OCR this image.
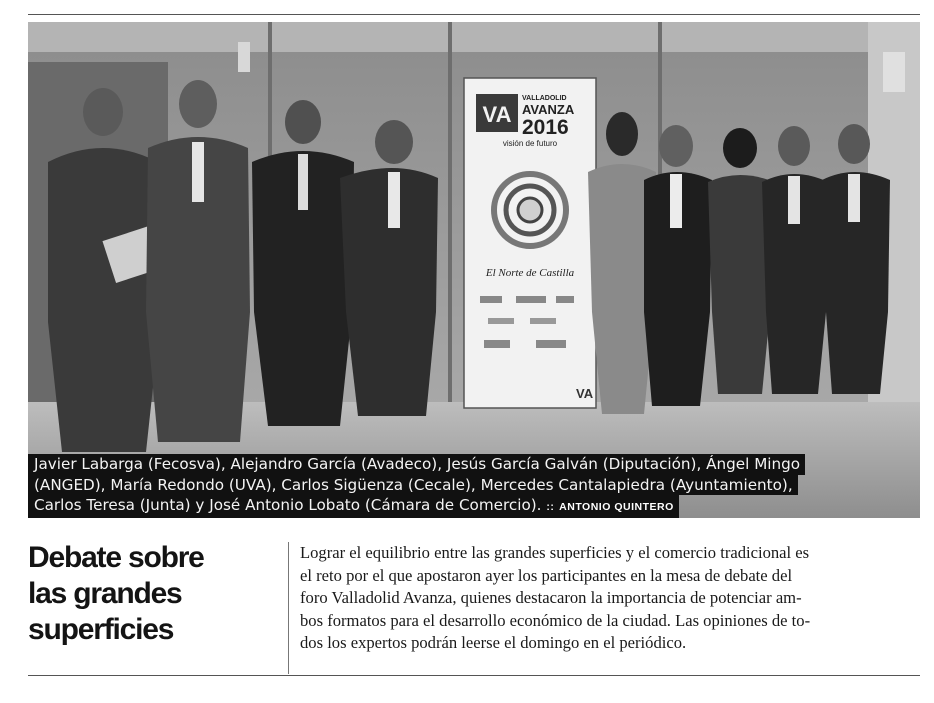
VA
VALLADOLID
AVANZA
2016
visión de futuro
El Norte de Castilla
VA
Javier Labarga (Fecosva), Alejandro García (Avadeco), Jesús García Galván (Diputación), Ángel Mingo
(ANGED), María Redondo (UVA), Carlos Sigüenza (Cecale), Mercedes Cantalapiedra (Ayuntamiento),
Carlos Teresa (Junta) y José Antonio Lobato (Cámara de Comercio). :: ANTONIO QUINTERO
Debate sobre
las grandes
superficies
Lograr el equilibrio entre las grandes superficies y el comercio tradicional es
el reto por el que apostaron ayer los participantes en la mesa de debate del
foro Valladolid Avanza, quienes destacaron la importancia de potenciar am-
bos formatos para el desarrollo económico de la ciudad. Las opiniones de to-
dos los expertos podrán leerse el domingo en el periódico.
